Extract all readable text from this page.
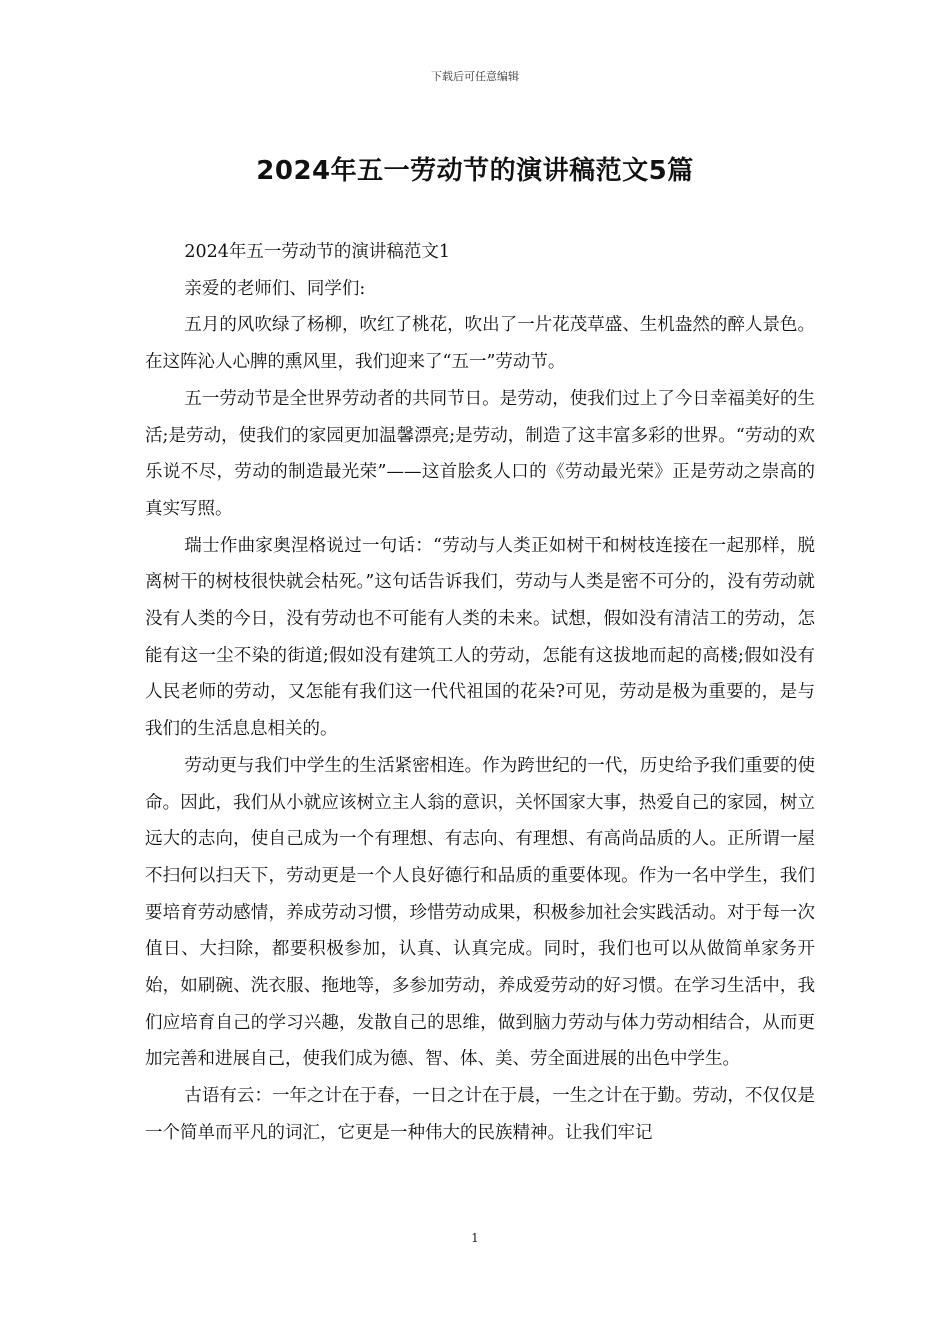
下载后可任意编辑
2024年五一劳动节的演讲稿范文5篇

2024年五一劳动节的演讲稿范文1

亲爱的老师们、同学们:

五月的风吹绿了杨柳，吹红了桃花，吹出了一片花茂草盛、生机盎然的醉人景色。在这阵沁人心脾的熏风里，我们迎来了“五一”劳动节。

五一劳动节是全世界劳动者的共同节日。是劳动，使我们过上了今日幸福美好的生活;是劳动，使我们的家园更加温馨漂亮;是劳动，制造了这丰富多彩的世界。“劳动的欢乐说不尽，劳动的制造最光荣”——这首脍炙人口的《劳动最光荣》正是劳动之崇高的真实写照。

瑞士作曲家奥涅格说过一句话：“劳动与人类正如树干和树枝连接在一起那样，脱离树干的树枝很快就会枯死。”这句话告诉我们，劳动与人类是密不可分的，没有劳动就没有人类的今日，没有劳动也不可能有人类的未来。试想，假如没有清洁工的劳动，怎能有这一尘不染的街道;假如没有建筑工人的劳动，怎能有这拔地而起的高楼;假如没有人民老师的劳动，又怎能有我们这一代代祖国的花朵?可见，劳动是极为重要的，是与我们的生活息息相关的。

劳动更与我们中学生的生活紧密相连。作为跨世纪的一代，历史给予我们重要的使命。因此，我们从小就应该树立主人翁的意识，关怀国家大事，热爱自己的家园，树立远大的志向，使自己成为一个有理想、有志向、有理想、有高尚品质的人。正所谓一屋不扫何以扫天下，劳动更是一个人良好德行和品质的重要体现。作为一名中学生，我们要培育劳动感情，养成劳动习惯，珍惜劳动成果，积极参加社会实践活动。对于每一次值日、大扫除，都要积极参加，认真、认真完成。同时，我们也可以从做简单家务开始，如刷碗、洗衣服、拖地等，多参加劳动，养成爱劳动的好习惯。在学习生活中，我们应培育自己的学习兴趣，发散自己的思维，做到脑力劳动与体力劳动相结合，从而更加完善和进展自己，使我们成为德、智、体、美、劳全面进展的出色中学生。

古语有云：一年之计在于春，一日之计在于晨，一生之计在于勤。劳动，不仅仅是一个简单而平凡的词汇，它更是一种伟大的民族精神。让我们牢记

1
